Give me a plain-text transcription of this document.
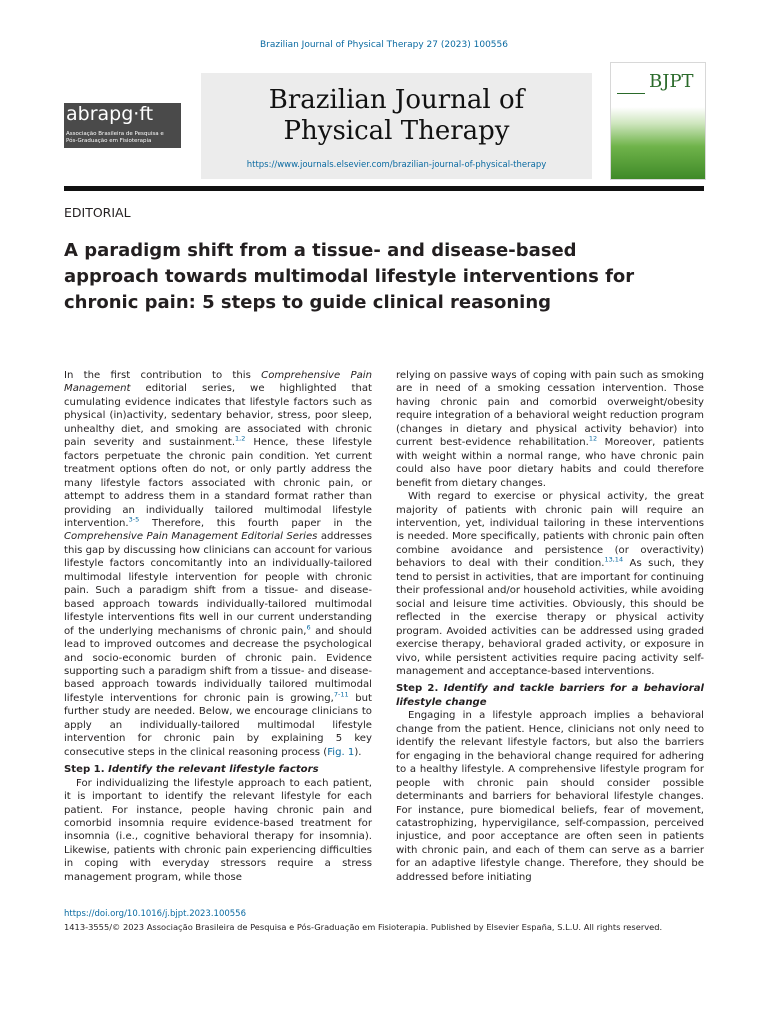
Brazilian Journal of Physical Therapy 27 (2023) 100556
abrapg·ft
Associação Brasileira de Pesquisa e
Pós-Graduação em Fisioterapia
Brazilian Journal of
Physical Therapy
https://www.journals.elsevier.com/brazilian-journal-of-physical-therapy
BJPT
EDITORIAL
A paradigm shift from a tissue- and disease-based
approach towards multimodal lifestyle interventions for
chronic pain: 5 steps to guide clinical reasoning

In the first contribution to this Comprehensive Pain Management editorial series, we highlighted that cumulating evidence indicates that lifestyle factors such as physical (in)activity, sedentary behavior, stress, poor sleep, unhealthy diet, and smoking are associated with chronic pain severity and sustainment.$^{1,2}$ Hence, these lifestyle factors perpetuate the chronic pain condition. Yet current treatment options often do not, or only partly address the many lifestyle factors associated with chronic pain, or attempt to address them in a standard format rather than providing an individually tailored multimodal lifestyle intervention.$^{3-5}$ Therefore, this fourth paper in the Comprehensive Pain Management Editorial Series addresses this gap by discussing how clinicians can account for various lifestyle factors concomitantly into an individually-tailored multimodal lifestyle intervention for people with chronic pain. Such a paradigm shift from a tissue- and disease-based approach towards individually-tailored multimodal lifestyle interventions fits well in our current understanding of the underlying mechanisms of chronic pain,$^6$ and should lead to improved outcomes and decrease the psychological and socio-economic burden of chronic pain. Evidence supporting such a paradigm shift from a tissue- and disease-based approach towards individually tailored multimodal lifestyle interventions for chronic pain is growing,$^{7-11}$ but further study are needed. Below, we encourage clinicians to apply an individually-tailored multimodal lifestyle intervention for chronic pain by explaining 5 key consecutive steps in the clinical reasoning process (Fig. 1).

Step 1. Identify the relevant lifestyle factors

For individualizing the lifestyle approach to each patient, it is important to identify the relevant lifestyle for each patient. For instance, people having chronic pain and comorbid insomnia require evidence-based treatment for insomnia (i.e., cognitive behavioral therapy for insomnia). Likewise, patients with chronic pain experiencing difficulties in coping with everyday stressors require a stress management program, while those

relying on passive ways of coping with pain such as smoking are in need of a smoking cessation intervention. Those having chronic pain and comorbid overweight/obesity require integration of a behavioral weight reduction program (changes in dietary and physical activity behavior) into current best-evidence rehabilitation.$^{12}$ Moreover, patients with weight within a normal range, who have chronic pain could also have poor dietary habits and could therefore benefit from dietary changes.

With regard to exercise or physical activity, the great majority of patients with chronic pain will require an intervention, yet, individual tailoring in these interventions is needed. More specifically, patients with chronic pain often combine avoidance and persistence (or overactivity) behaviors to deal with their condition.$^{13,14}$ As such, they tend to persist in activities, that are important for continuing their professional and/or household activities, while avoiding social and leisure time activities. Obviously, this should be reflected in the exercise therapy or physical activity program. Avoided activities can be addressed using graded exercise therapy, behavioral graded activity, or exposure in vivo, while persistent activities require pacing activity self-management and acceptance-based interventions.

Step 2. Identify and tackle barriers for a behavioral lifestyle change

Engaging in a lifestyle approach implies a behavioral change from the patient. Hence, clinicians not only need to identify the relevant lifestyle factors, but also the barriers for engaging in the behavioral change required for adhering to a healthy lifestyle. A comprehensive lifestyle program for people with chronic pain should consider possible determinants and barriers for behavioral lifestyle changes. For instance, pure biomedical beliefs, fear of movement, catastrophizing, hypervigilance, self-compassion, perceived injustice, and poor acceptance are often seen in patients with chronic pain, and each of them can serve as a barrier for an adaptive lifestyle change. Therefore, they should be addressed before initiating

https://doi.org/10.1016/j.bjpt.2023.100556
1413-3555/© 2023 Associação Brasileira de Pesquisa e Pós-Graduação em Fisioterapia. Published by Elsevier España, S.L.U. All rights reserved.
